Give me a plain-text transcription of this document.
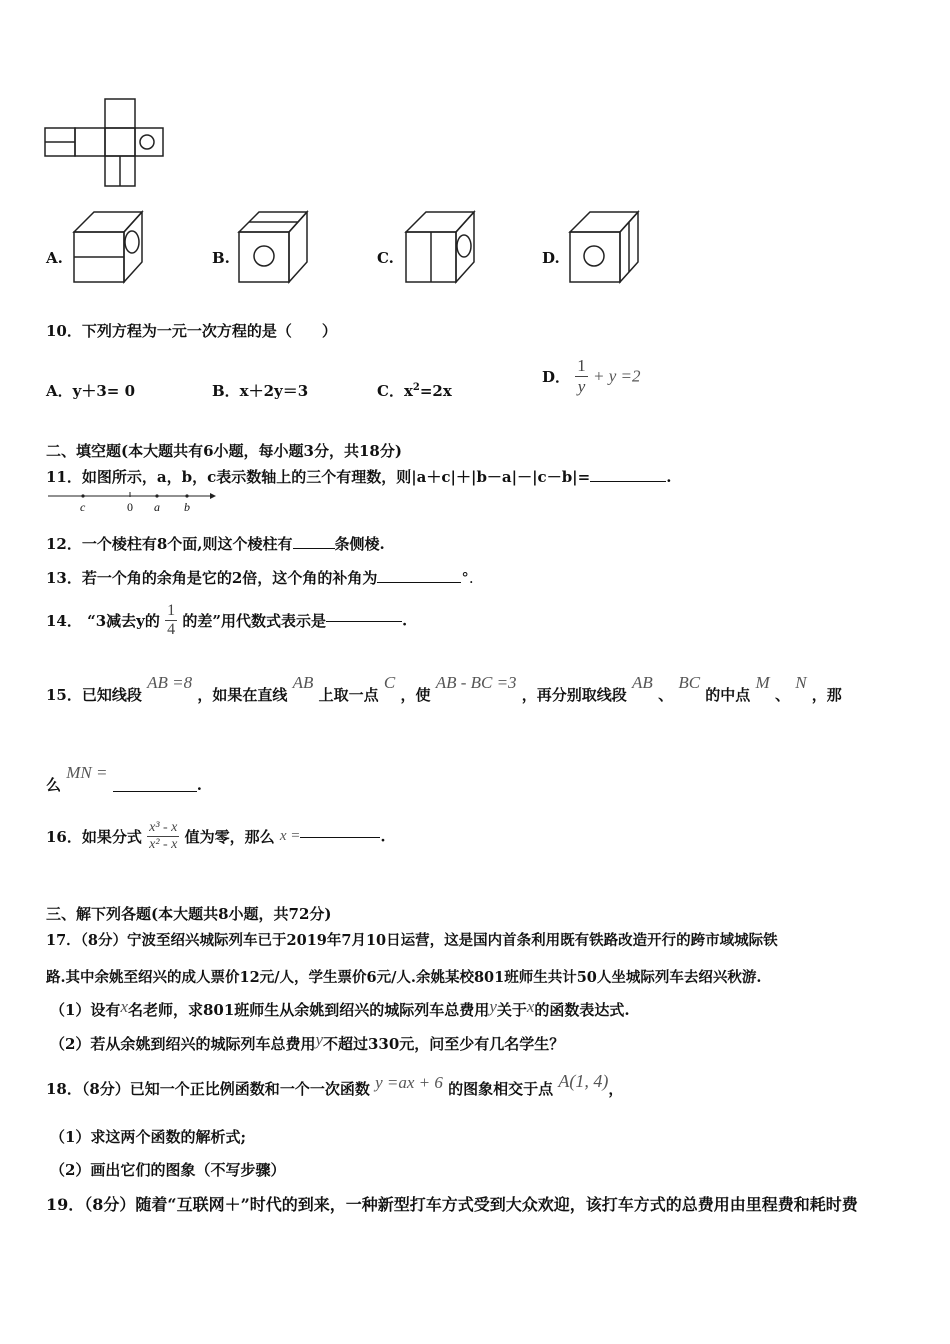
A.	B.	C.	D.
10．下列方程为一元一次方程的是（　　）
A．y＋3= 0	B．x＋2y＝3	C．$x^2=2x$
D． $\frac{1}{y} + y =2$
二、填空题(本大题共有6小题，每小题3分，共18分)
11．如图所示，a，b，c表示数轴上的三个有理数，则|a＋c|＋|b－a|－|c－b|=	.
c	0 a b
12．一个棱柱有8个面,则这个棱柱有	条侧棱.
13．若一个角的余角是它的2倍，这个角的补角为	°.
14． “3减去y的 $\frac{1}{4}$ 的差”用代数式表示是	.
15．已知线段 AB =8 ，如果在直线 AB 上取一点 C ，使 AB - BC =3 ，再分别取线段 AB 、 BC 的中点 M 、 N ，那
么 MN = .
16．如果分式 $\frac{\text{x³ - x}}{\text{x² - x}}$ 值为零，那么 x =	.
三、解下列各题(本大题共8小题，共72分)
17．（8分）宁波至绍兴城际列车已于2019年7月10日运营，这是国内首条利用既有铁路改造开行的跨市域城际铁
路.其中余姚至绍兴的成人票价12元/人，学生票价6元/人.余姚某校801班师生共计50人坐城际列车去绍兴秋游.
（1）设有x名老师，求801班师生从余姚到绍兴的城际列车总费用y关于x的函数表达式.
（2）若从余姚到绍兴的城际列车总费用y不超过330元，问至少有几名学生？
18．（8分）已知一个正比例函数和一个一次函数 y =ax + 6 的图象相交于点 A(1, 4)，
（1）求这两个函数的解析式;
（2）画出它们的图象（不写步骤）
19．（8分）随着“互联网＋”时代的到来，一种新型打车方式受到大众欢迎，该打车方式的总费用由里程费和耗时费
